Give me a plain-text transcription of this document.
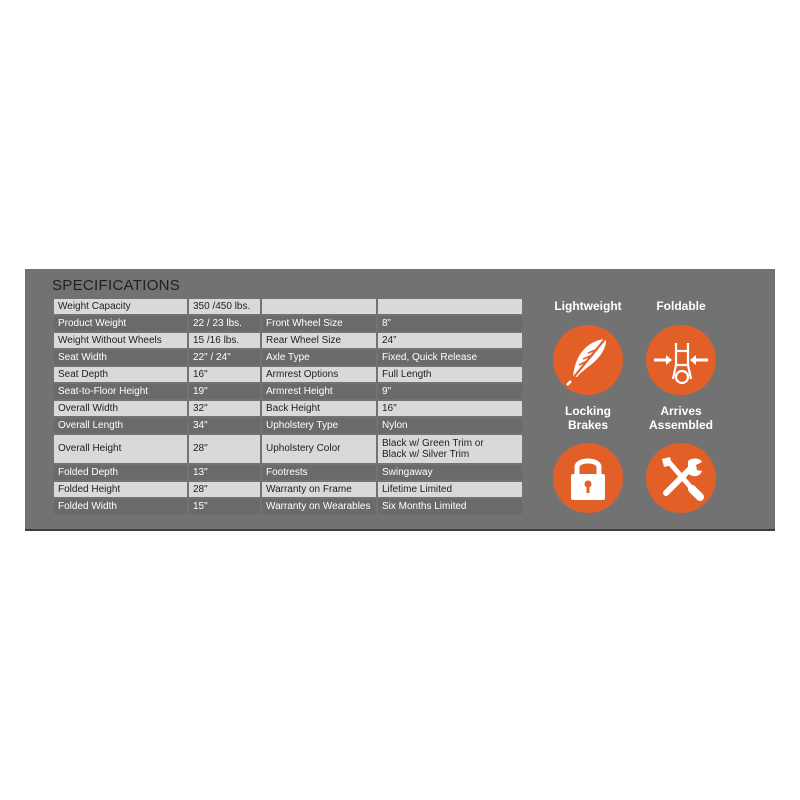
SPECIFICATIONS
Weight Capacity	350 /450 lbs.		
Product Weight	22 / 23 lbs.	Front Wheel Size	8”
Weight Without Wheels	15 /16 lbs.	Rear Wheel Size	24”
Seat Width	22" / 24"	Axle Type	Fixed, Quick Release
Seat Depth	16"	Armrest Options	Full Length
Seat-to-Floor Height	19"	Armrest Height	9"
Overall Width	32"	Back Height	16"
Overall Length	34"	Upholstery Type	Nylon
Overall Height	28"	Upholstery Color	Black w/ Green Trim or
Black w/ Silver Trim
Folded Depth	13"	Footrests	Swingaway
Folded Height	28"	Warranty on Frame	Lifetime Limited
Folded Width	15"	Warranty on Wearables	Six Months Limited
Lightweight	Foldable
Locking
Brakes
Arrives
Assembled
